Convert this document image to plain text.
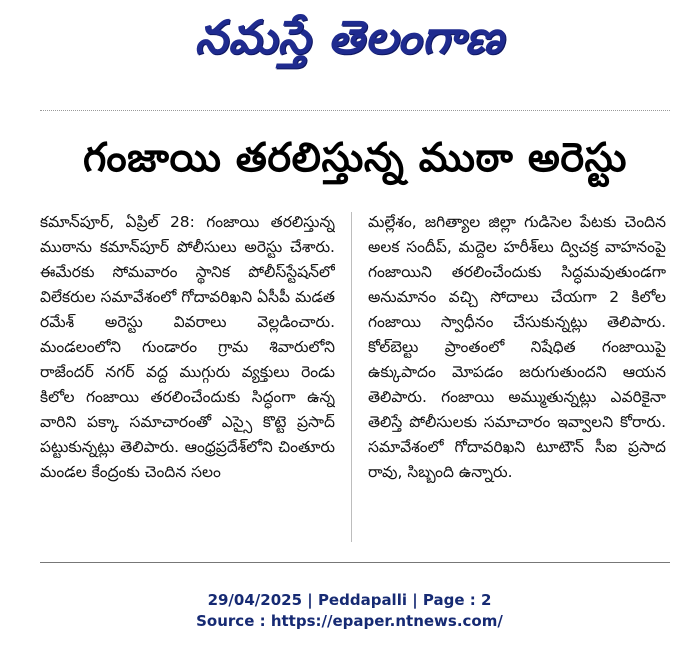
నమస్తే తెలంగాణ
గంజాయి తరలిస్తున్న ముఠా అరెస్టు
కమాన్‌పూర్, ఏప్రిల్ 28: గంజాయి తరలిస్తున్న ముఠాను కమాన్‌పూర్ పోలీసులు అరెస్టు చేశారు. ఈమేరకు సోమవారం స్థానిక పోలీస్‌స్టేషన్‌లో విలేకరుల సమావేశంలో గోదావరిఖని ఏసీపీ మడత రమేశ్ అరెస్టు వివరాలు వెల్లడించారు. మండలంలోని గుండారం గ్రామ శివారులోని రాజేందర్ నగర్ వద్ద ముగ్గురు వ్యక్తులు రెండు కిలోల గంజాయి తరలించేందుకు సిద్ధంగా ఉన్న వారిని పక్కా సమాచారంతో ఎస్సై కొట్టె ప్రసాద్ పట్టుకున్నట్లు తెలిపారు. ఆంధ్రప్రదేశ్‌లోని చింతూరు మండల కేంద్రంకు చెందిన సలం
మల్లేశం, జగిత్యాల జిల్లా గుడిసెల పేటకు చెందిన అలక సందీప్, మద్దెల హరీశ్‌లు ద్విచక్ర వాహనంపై గంజాయిని తరలించేందుకు సిద్ధమవుతుండగా అనుమానం వచ్చి సోదాలు చేయగా 2 కిలోల గంజాయి స్వాధీనం చేసుకున్నట్లు తెలిపారు. కోల్‌బెల్టు ప్రాంతంలో నిషేధిత గంజాయిపై ఉక్కుపాదం మోపడం జరుగుతుందని ఆయన తెలిపారు. గంజాయి అమ్ముతున్నట్లు ఎవరికైనా తెలిస్తే పోలీసులకు సమాచారం ఇవ్వాలని కోరారు. సమావేశంలో గోదావరిఖని టూటౌన్ సీఐ ప్రసాద రావు, సిబ్బంది ఉన్నారు.
29/04/2025 | Peddapalli | Page : 2
Source : https://epaper.ntnews.com/
